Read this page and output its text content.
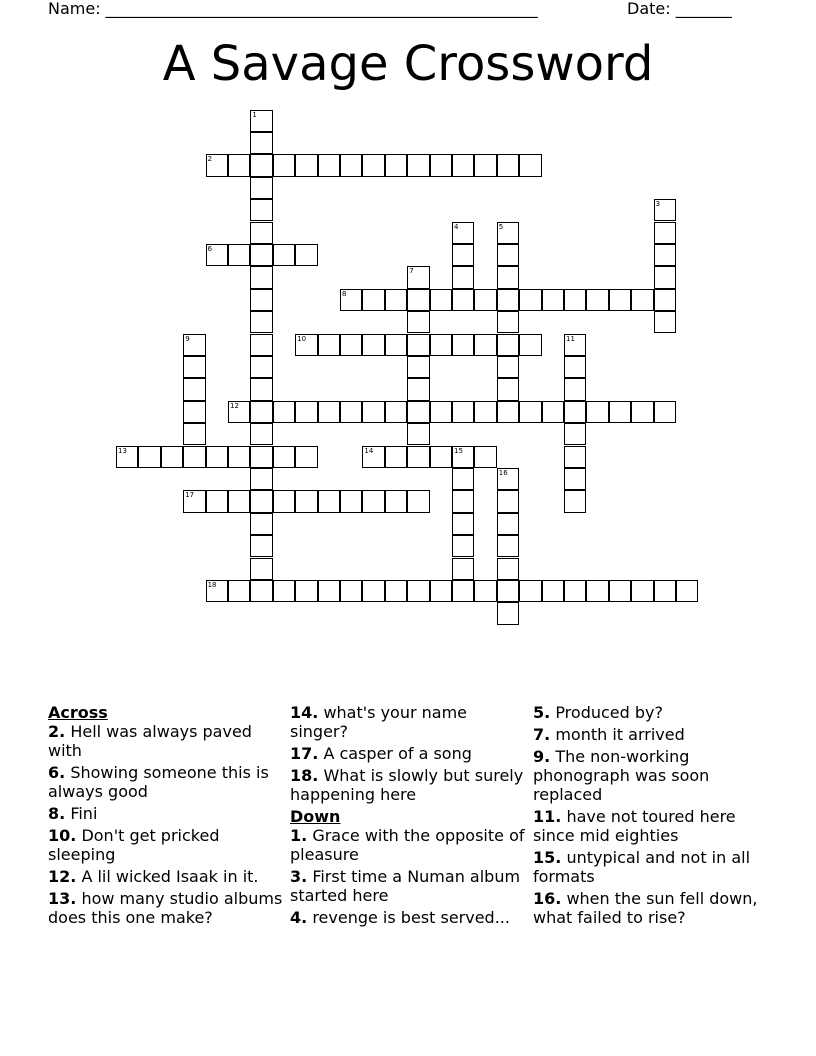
Name: ______________________________________________________	Date: _______
A Savage Crossword
1
2
3
4	5
6
7
8
9	10	11
12
13	14	15
16
17
18

Across

2. Hell was always paved with

6. Showing someone this is always good

8. Fini

10. Don't get pricked sleeping

12. A lil wicked Isaak in it.

13. how many studio albums does this one make?

14. what's your name singer?

17. A casper of a song

18. What is slowly but surely happening here

Down

1. Grace with the opposite of pleasure

3. First time a Numan album started here

4. revenge is best served...

5. Produced by?

7. month it arrived

9. The non-working phonograph was soon replaced

11. have not toured here since mid eighties

15. untypical and not in all formats

16. when the sun fell down, what failed to rise?
